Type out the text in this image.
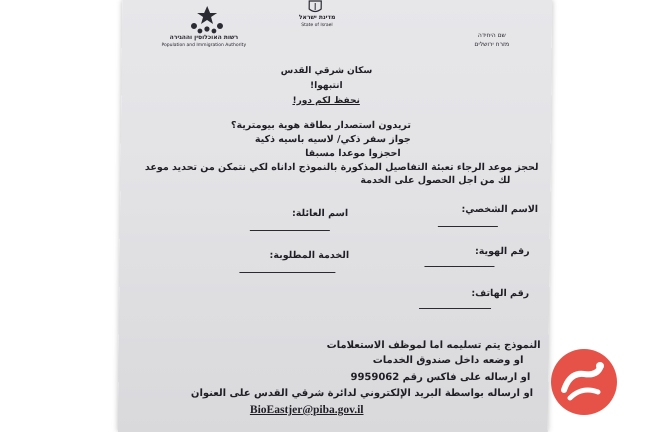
רשות האוכלוסין וההגירה
Population and Immigration Authority
מדינת ישראל
State of Israel
שם היחידה
מזרח ירושלים
سكان شرقي القدس
انتبهوا!
نحفظ لكم دور!
تريدون استصدار بطاقة هوية بيومترية؟
جواز سفر ذكي/ لاسيه باسيه ذكية
احجزوا موعدا مسبقا
لحجز موعد الرجاء تعبئة التفاصيل المذكورة بالنموذج اداناه لكي نتمكن من تحديد موعد
لك من اجل الحصول على الخدمة
الاسم الشخصي:
اسم العائلة:
رقم الهوية:
الخدمة المطلوبة:
رقم الهاتف:
النموذج يتم تسليمه اما لموظف الاستعلامات
او وضعه داخل صندوق الخدمات
او ارساله على فاكس رقم 9959062
او ارساله بواسطة البريد الإلكتروني لدائرة شرقي القدس على العنوان
BioEastjer@piba.gov.il
